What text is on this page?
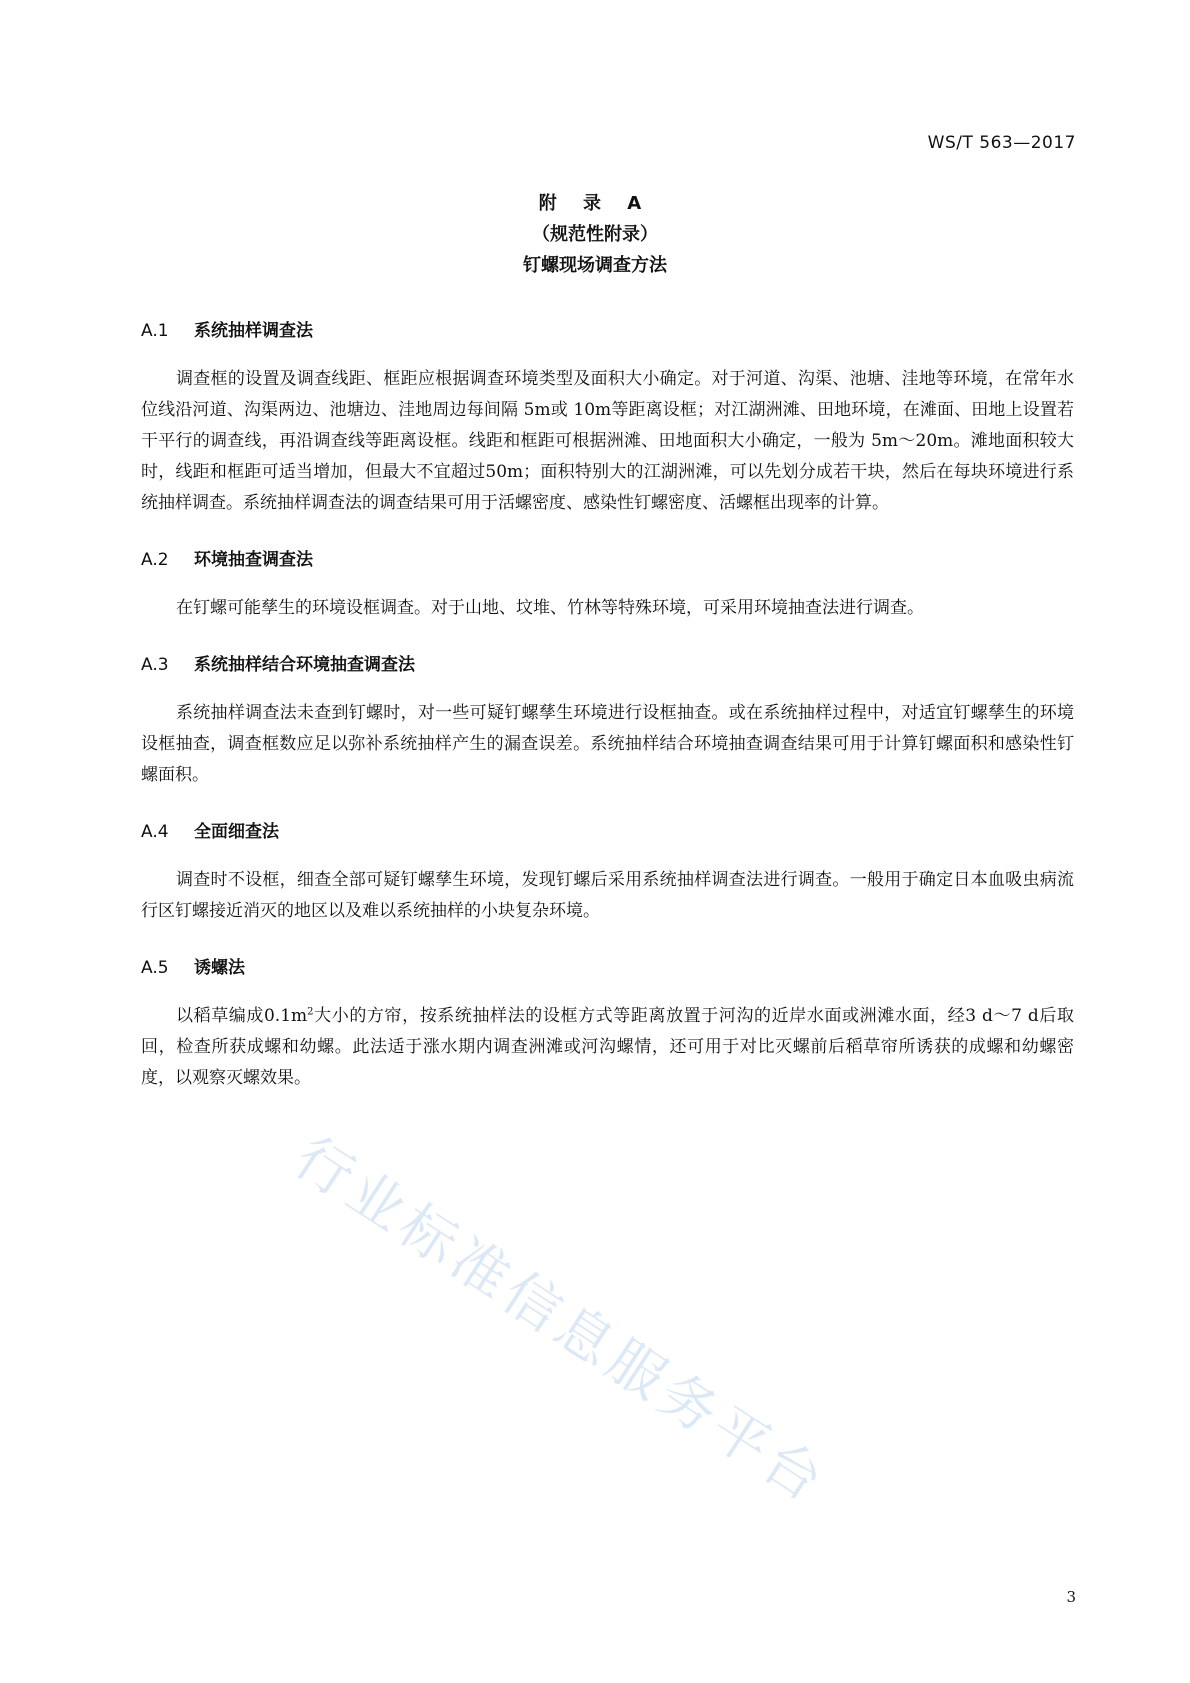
WS/T 563—2017
附 录 A
（规范性附录）
钉螺现场调查方法
A.1	系统抽样调查法

调查框的设置及调查线距、框距应根据调查环境类型及面积大小确定。对于河道、沟渠、池塘、洼地等环境，在常年水位线沿河道、沟渠两边、池塘边、洼地周边每间隔 5m或 10m等距离设框；对江湖洲滩、田地环境，在滩面、田地上设置若干平行的调查线，再沿调查线等距离设框。线距和框距可根据洲滩、田地面积大小确定，一般为 5m～20m。滩地面积较大时，线距和框距可适当增加，但最大不宜超过50m；面积特别大的江湖洲滩，可以先划分成若干块，然后在每块环境进行系统抽样调查。系统抽样调查法的调查结果可用于活螺密度、感染性钉螺密度、活螺框出现率的计算。

A.2	环境抽查调查法

在钉螺可能孳生的环境设框调查。对于山地、坟堆、竹林等特殊环境，可采用环境抽查法进行调查。

A.3	系统抽样结合环境抽查调查法

系统抽样调查法未查到钉螺时，对一些可疑钉螺孳生环境进行设框抽查。或在系统抽样过程中，对适宜钉螺孳生的环境设框抽查，调查框数应足以弥补系统抽样产生的漏查误差。系统抽样结合环境抽查调查结果可用于计算钉螺面积和感染性钉螺面积。

A.4	全面细查法

调查时不设框，细查全部可疑钉螺孳生环境，发现钉螺后采用系统抽样调查法进行调查。一般用于确定日本血吸虫病流行区钉螺接近消灭的地区以及难以系统抽样的小块复杂环境。

A.5	诱螺法

以稻草编成$0.1m^2$大小的方帘，按系统抽样法的设框方式等距离放置于河沟的近岸水面或洲滩水面，经3 d～7 d后取回，检查所获成螺和幼螺。此法适于涨水期内调查洲滩或河沟螺情，还可用于对比灭螺前后稻草帘所诱获的成螺和幼螺密度，以观察灭螺效果。

行业标准信息服务平台
3
